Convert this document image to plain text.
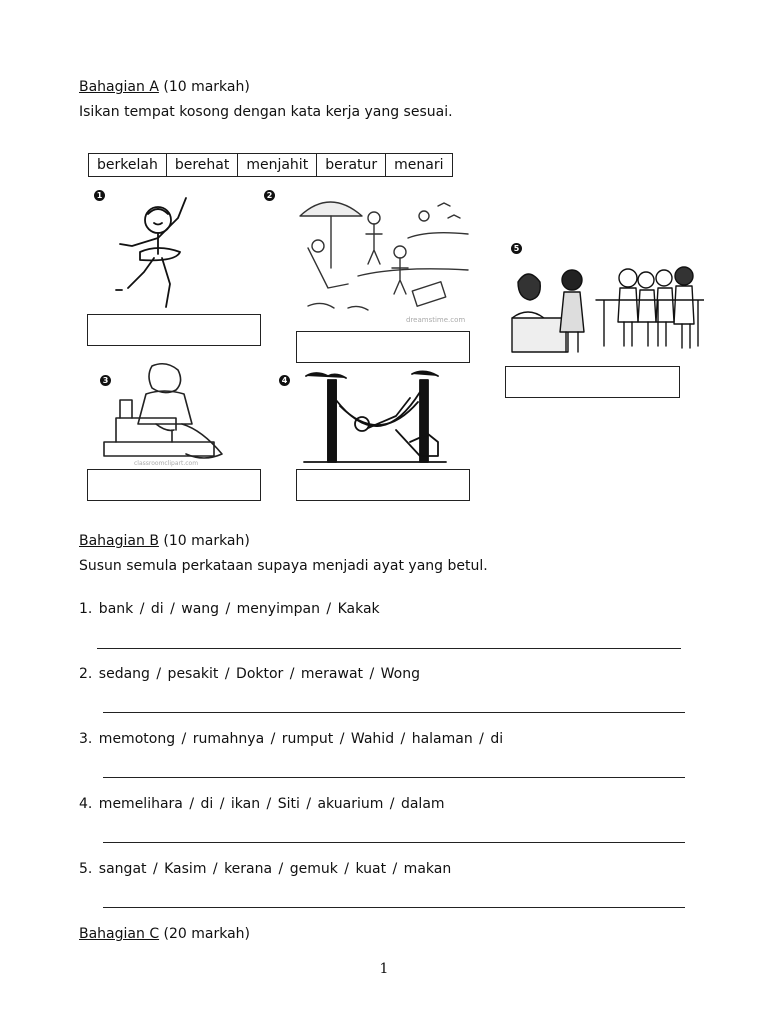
Bahagian A (10 markah)
Isikan tempat kosong dengan kata kerja yang sesuai.
berkelah	berehat	menjahit	beratur	menari
1	2
dreamstime.com
3
classroomclipart.com
4
5
Bahagian B (10 markah)
Susun semula perkataan supaya menjadi ayat yang betul.
1. bank / di / wang / menyimpan / Kakak
2. sedang / pesakit / Doktor / merawat / Wong
3. memotong / rumahnya / rumput / Wahid / halaman / di
4. memelihara / di / ikan / Siti / akuarium / dalam
5. sangat / Kasim / kerana / gemuk / kuat / makan
Bahagian C (20 markah)
1
